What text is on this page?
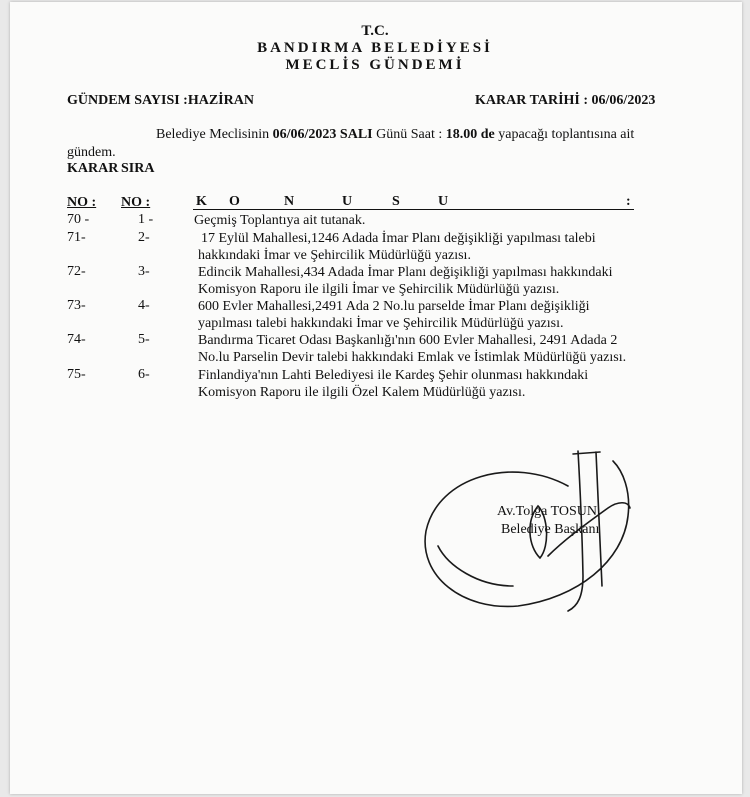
T.C.
BANDIRMA BELEDİYESİ
MECLİS GÜNDEMİ
GÜNDEM SAYISI :HAZİRAN	KARAR TARİHİ : 06/06/2023
Belediye Meclisinin 06/06/2023 SALI Günü Saat : 18.00 de yapacağı toplantısına ait
gündem.
KARAR SIRA
NO : NO :	K O	N	U	S	U	:
70 -	1 -	Geçmiş Toplantıya ait tutanak.
71-	2-	17 Eylül Mahallesi,1246 Adada İmar Planı değişikliği yapılması talebi
hakkındaki İmar ve Şehircilik Müdürlüğü yazısı.
72-	3-	Edincik Mahallesi,434 Adada İmar Planı değişikliği yapılması hakkındaki
Komisyon Raporu ile ilgili İmar ve Şehircilik Müdürlüğü yazısı.
73-	4-	600 Evler Mahallesi,2491 Ada 2 No.lu parselde İmar Planı değişikliği
yapılması talebi hakkındaki İmar ve Şehircilik Müdürlüğü yazısı.
74-	5-	Bandırma Ticaret Odası Başkanlığı'nın 600 Evler Mahallesi, 2491 Adada 2
No.lu Parselin Devir talebi hakkındaki Emlak ve İstimlak Müdürlüğü yazısı.
75-	6-	Finlandiya'nın Lahti Belediyesi ile Kardeş Şehir olunması hakkındaki
Komisyon Raporu ile ilgili Özel Kalem Müdürlüğü yazısı.
Av.Tolga TOSUN
Belediye Başkanı
